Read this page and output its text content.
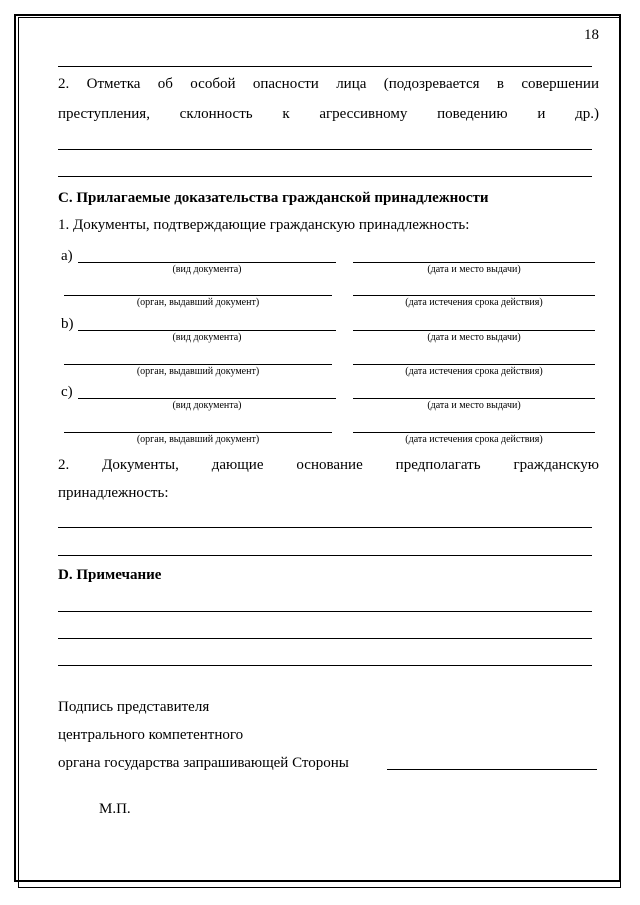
18
2. Отметка об особой опасности лица (подозревается в совершении
преступления, склонность к агрессивному поведению и др.)
C. Прилагаемые доказательства гражданской принадлежности
1. Документы, подтверждающие гражданскую принадлежность:
a)
(вид документа)	(дата и место выдачи)
(орган, выдавший документ)	(дата истечения срока действия)
b)
(вид документа)	(дата и место выдачи)
(орган, выдавший документ)	(дата истечения срока действия)
c)
(вид документа)	(дата и место выдачи)
(орган, выдавший документ)	(дата истечения срока действия)
2. Документы, дающие основание предполагать гражданскую
принадлежность:
D. Примечание
Подпись представителя
центрального компетентного
органа государства запрашивающей Стороны
М.П.
